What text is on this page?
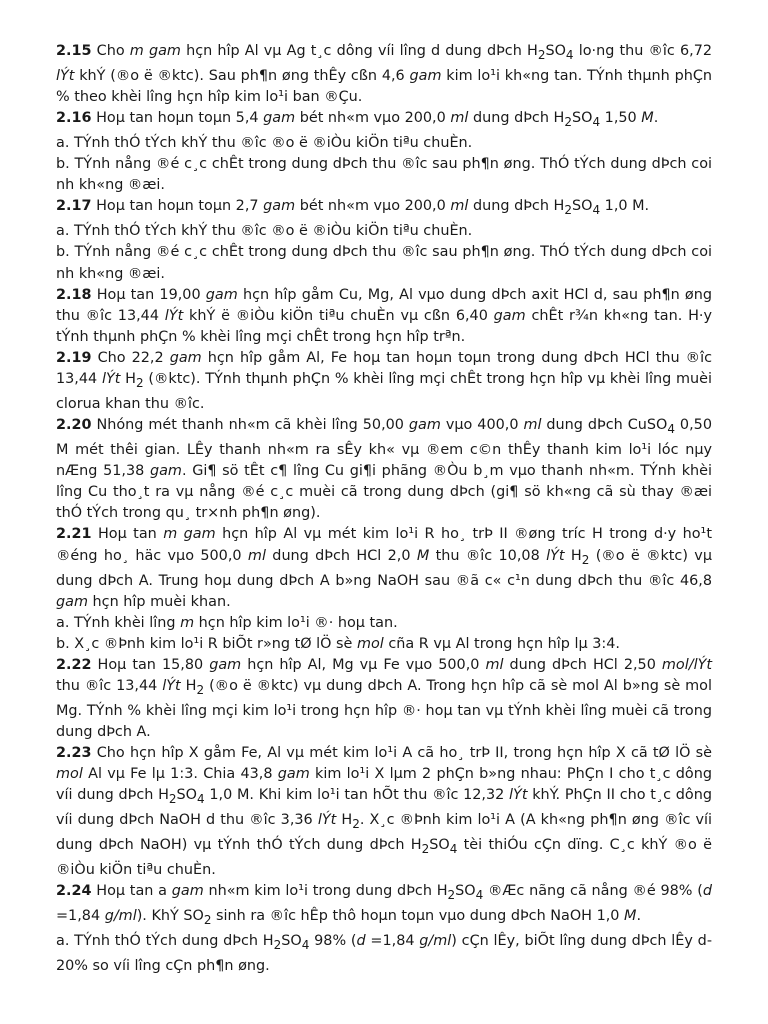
2.15 Cho m gam hçn hîp Al vµ Ag t¸c dông víi lîng d dung dÞch $H_2SO_4$ lo·ng thu ®îc 6,72 lÝt khÝ (®o ë ®ktc). Sau ph¶n øng thÊy cßn 4,6 gam kim lo¹i kh«ng tan. TÝnh thµnh phÇn % theo khèi lîng hçn hîp kim lo¹i ban ®Çu.
2.16 Hoµ tan hoµn toµn 5,4 gam bét nh«m vµo 200,0 ml dung dÞch $H_2SO_4$ 1,50 M.
a. TÝnh thÓ tÝch khÝ thu ®îc ®o ë ®iÒu kiÖn tiªu chuÈn.
b. TÝnh nång ®é c¸c chÊt trong dung dÞch thu ®îc sau ph¶n øng. ThÓ tÝch dung dÞch coi nh kh«ng ®æi.
2.17 Hoµ tan hoµn toµn 2,7 gam bét nh«m vµo 200,0 ml dung dÞch $H_2SO_4$ 1,0 M.
a. TÝnh thÓ tÝch khÝ thu ®îc ®o ë ®iÒu kiÖn tiªu chuÈn.
b. TÝnh nång ®é c¸c chÊt trong dung dÞch thu ®îc sau ph¶n øng. ThÓ tÝch dung dÞch coi nh kh«ng ®æi.
2.18 Hoµ tan 19,00 gam hçn hîp gåm Cu, Mg, Al vµo dung dÞch axit HCl d, sau ph¶n øng thu ®îc 13,44 lÝt khÝ ë ®iÒu kiÖn tiªu chuÈn vµ cßn 6,40 gam chÊt r¾n kh«ng tan. H·y tÝnh thµnh phÇn % khèi lîng mçi chÊt trong hçn hîp trªn.
2.19 Cho 22,2 gam hçn hîp gåm Al, Fe hoµ tan hoµn toµn trong dung dÞch HCl thu ®îc 13,44 lÝt $H_2$ (®ktc). TÝnh thµnh phÇn % khèi lîng mçi chÊt trong hçn hîp vµ khèi lîng muèi clorua khan thu ®îc.
2.20 Nhóng mét thanh nh«m cã khèi lîng 50,00 gam vµo 400,0 ml dung dÞch CuSO$_4$ 0,50 M mét thêi gian. LÊy thanh nh«m ra sÊy kh« vµ ®em c©n thÊy thanh kim lo¹i lóc nµy nÆng 51,38 gam. Gi¶ sö tÊt c¶ lîng Cu gi¶i phãng ®Òu b¸m vµo thanh nh«m. TÝnh khèi lîng Cu tho¸t ra vµ nång ®é c¸c muèi cã trong dung dÞch (gi¶ sö kh«ng cã sù thay ®æi thÓ tÝch trong qu¸ tr×nh ph¶n øng).
2.21 Hoµ tan m gam hçn hîp Al vµ mét kim lo¹i R ho¸ trÞ II ®øng tríc H trong d·y ho¹t ®éng ho¸ häc vµo 500,0 ml dung dÞch HCl 2,0 M thu ®îc 10,08 lÝt $H_2$ (®o ë ®ktc) vµ dung dÞch A. Trung hoµ dung dÞch A b»ng NaOH sau ®ã c« c¹n dung dÞch thu ®îc 46,8 gam hçn hîp muèi khan.
a. TÝnh khèi lîng m hçn hîp kim lo¹i ®· hoµ tan.
b. X¸c ®Þnh kim lo¹i R biÕt r»ng tØ lÖ sè mol cña R vµ Al trong hçn hîp lµ 3:4.
2.22 Hoµ tan 15,80 gam hçn hîp Al, Mg vµ Fe vµo 500,0 ml dung dÞch HCl 2,50 mol/lÝt thu ®îc 13,44 lÝt $H_2$ (®o ë ®ktc) vµ dung dÞch A. Trong hçn hîp cã sè mol Al b»ng sè mol Mg. TÝnh % khèi lîng mçi kim lo¹i trong hçn hîp ®· hoµ tan vµ tÝnh khèi lîng muèi cã trong dung dÞch A.
2.23 Cho hçn hîp X gåm Fe, Al vµ mét kim lo¹i A cã ho¸ trÞ II, trong hçn hîp X cã tØ lÖ sè mol Al vµ Fe lµ 1:3. Chia 43,8 gam kim lo¹i X lµm 2 phÇn b»ng nhau: PhÇn I cho t¸c dông víi dung dÞch $H_2SO_4$ 1,0 M. Khi kim lo¹i tan hÕt thu ®îc 12,32 lÝt khÝ. PhÇn II cho t¸c dông víi dung dÞch NaOH d thu ®îc 3,36 lÝt $H_2$. X¸c ®Þnh kim lo¹i A (A kh«ng ph¶n øng ®îc víi dung dÞch NaOH) vµ tÝnh thÓ tÝch dung dÞch $H_2SO_4$ tèi thiÓu cÇn dïng. C¸c khÝ ®o ë ®iÒu kiÖn tiªu chuÈn.
2.24 Hoµ tan a gam nh«m kim lo¹i trong dung dÞch $H_2SO_4$ ®Æc nãng cã nång ®é 98% (d =1,84 g/ml). KhÝ $SO_2$ sinh ra ®îc hÊp thô hoµn toµn vµo dung dÞch NaOH 1,0 M.
a. TÝnh thÓ tÝch dung dÞch $H_2SO_4$ 98% (d =1,84 g/ml) cÇn lÊy, biÕt lîng dung dÞch lÊy d 20% so víi lîng cÇn ph¶n øng.
